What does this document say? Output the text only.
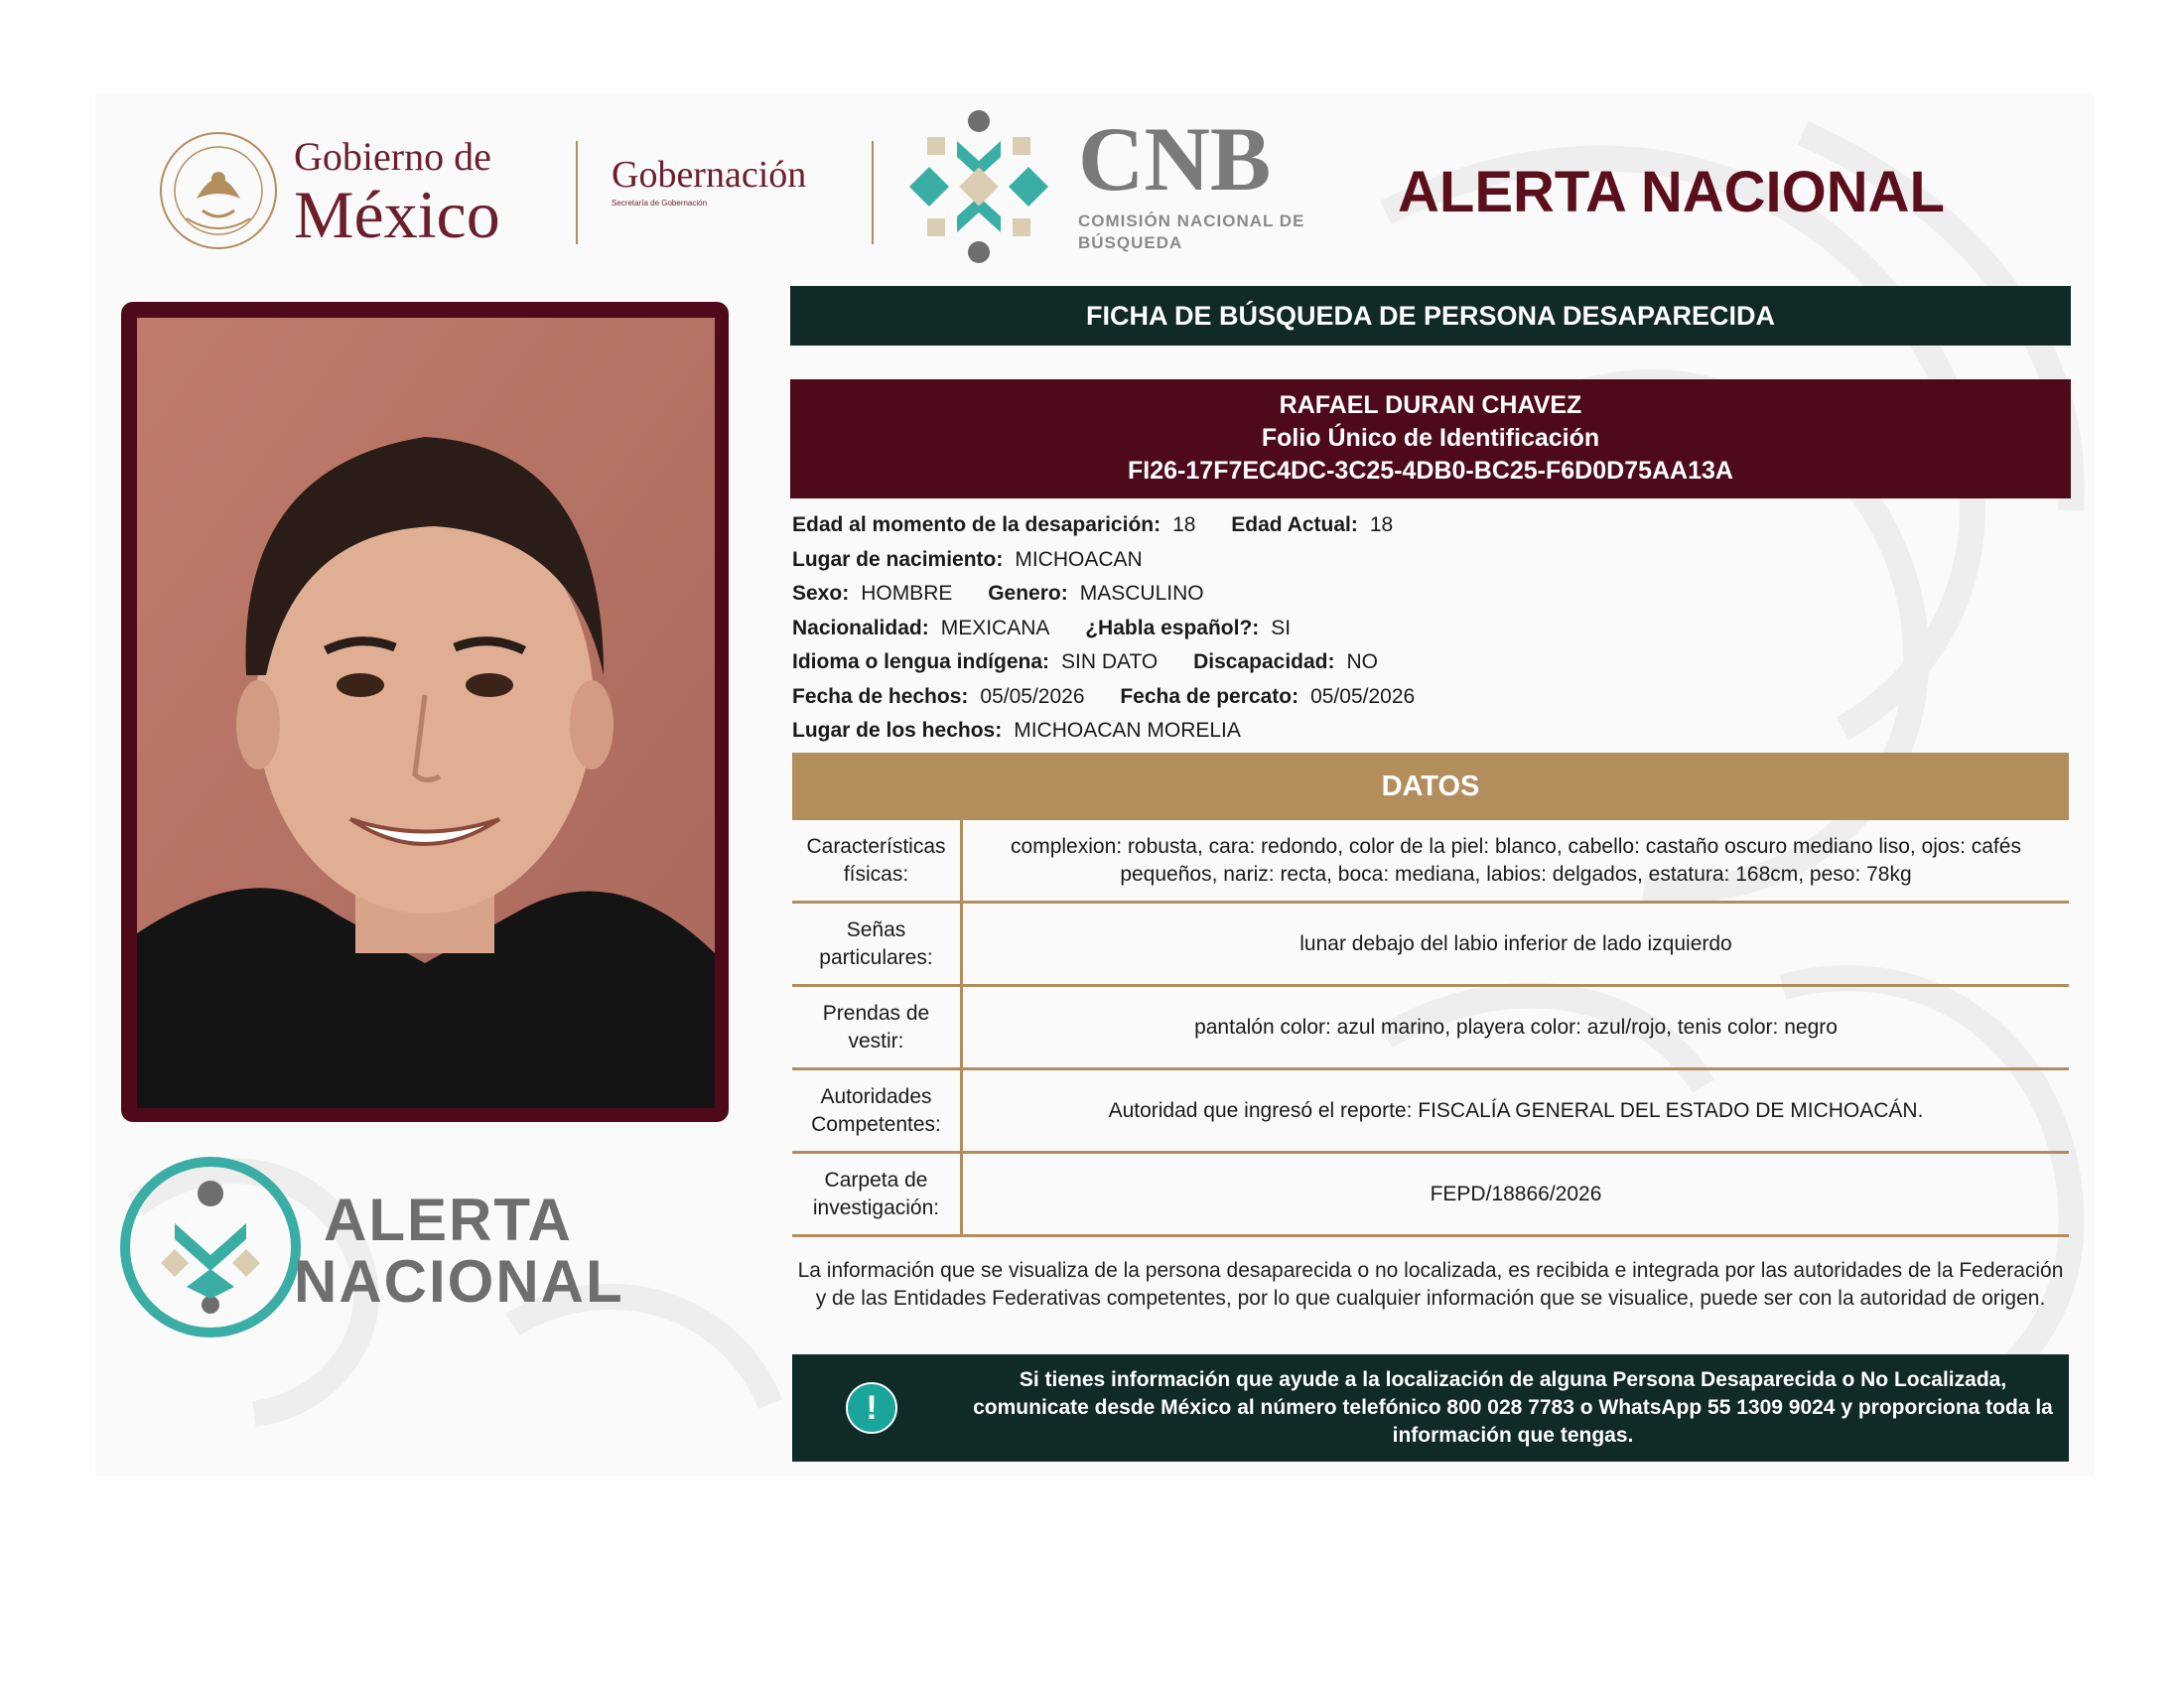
Gobierno de
México
Gobernación
Secretaría de Gobernación	CNB
COMISIÓN NACIONAL DE BÚSQUEDA
ALERTA NACIONAL
ALERTA
NACIONAL
FICHA DE BÚSQUEDA DE PERSONA DESAPARECIDA
RAFAEL DURAN CHAVEZ
Folio Único de Identificación
FI26-17F7EC4DC-3C25-4DB0-BC25-F6D0D75AA13A
Edad al momento de la desaparición: 18 Edad Actual: 18
Lugar de nacimiento: MICHOACAN
Sexo: HOMBRE Genero: MASCULINO
Nacionalidad: MEXICANA ¿Habla español?: SI
Idioma o lengua indígena: SIN DATO Discapacidad: NO
Fecha de hechos: 05/05/2026 Fecha de percato: 05/05/2026
Lugar de los hechos: MICHOACAN MORELIA
DATOS
Características físicas:
complexion: robusta, cara: redondo, color de la piel: blanco, cabello: castaño oscuro mediano liso, ojos: cafés pequeños, nariz: recta, boca: mediana, labios: delgados, estatura: 168cm, peso: 78kg
Señas particulares:
lunar debajo del labio inferior de lado izquierdo
Prendas de vestir:
pantalón color: azul marino, playera color: azul/rojo, tenis color: negro
Autoridades Competentes:
Autoridad que ingresó el reporte: FISCALÍA GENERAL DEL ESTADO DE MICHOACÁN.
Carpeta de investigación:
FEPD/18866/2026
La información que se visualiza de la persona desaparecida o no localizada, es recibida e integrada por las autoridades de la Federación y de las Entidades Federativas competentes, por lo que cualquier información que se visualice, puede ser con la autoridad de origen.
!
Si tienes información que ayude a la localización de alguna Persona Desaparecida o No Localizada, comunicate desde México al número telefónico 800 028 7783 o WhatsApp 55 1309 9024 y proporciona toda la información que tengas.
